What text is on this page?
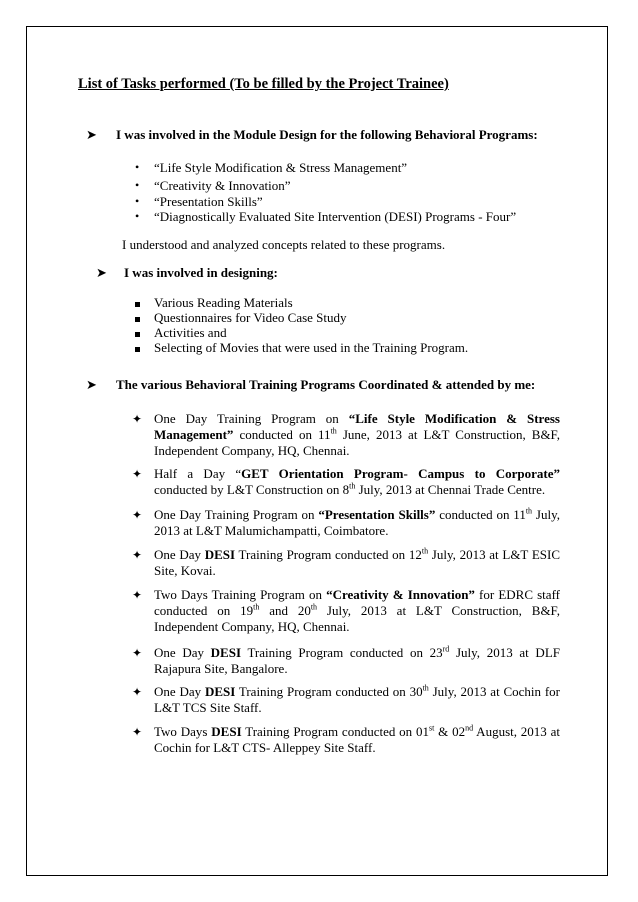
List of Tasks performed (To be filled by the Project Trainee)
➤ I was involved in the Module Design for the following Behavioral Programs:
• “Life Style Modification & Stress Management”
• “Creativity & Innovation”
• “Presentation Skills”
• “Diagnostically Evaluated Site Intervention (DESI) Programs - Four”
I understood and analyzed concepts related to these programs.
➤ I was involved in designing:
Various Reading Materials
Questionnaires for Video Case Study
Activities and
Selecting of Movies that were used in the Training Program.
➤ The various Behavioral Training Programs Coordinated & attended by me:
✦ One Day Training Program on “Life Style Modification & Stress Management” conducted on 11th June, 2013 at L&T Construction, B&F, Independent Company, HQ, Chennai.
✦ Half a Day “GET Orientation Program- Campus to Corporate” conducted by L&T Construction on 8th July, 2013 at Chennai Trade Centre.
✦ One Day Training Program on “Presentation Skills” conducted on 11th July, 2013 at L&T Malumichampatti, Coimbatore.
✦ One Day DESI Training Program conducted on 12th July, 2013 at L&T ESIC Site, Kovai.
✦ Two Days Training Program on “Creativity & Innovation” for EDRC staff conducted on 19th and 20th July, 2013 at L&T Construction, B&F, Independent Company, HQ, Chennai.
✦ One Day DESI Training Program conducted on 23rd July, 2013 at DLF Rajapura Site, Bangalore.
✦ One Day DESI Training Program conducted on 30th July, 2013 at Cochin for L&T TCS Site Staff.
✦ Two Days DESI Training Program conducted on 01st & 02nd August, 2013 at Cochin for L&T CTS- Alleppey Site Staff.
